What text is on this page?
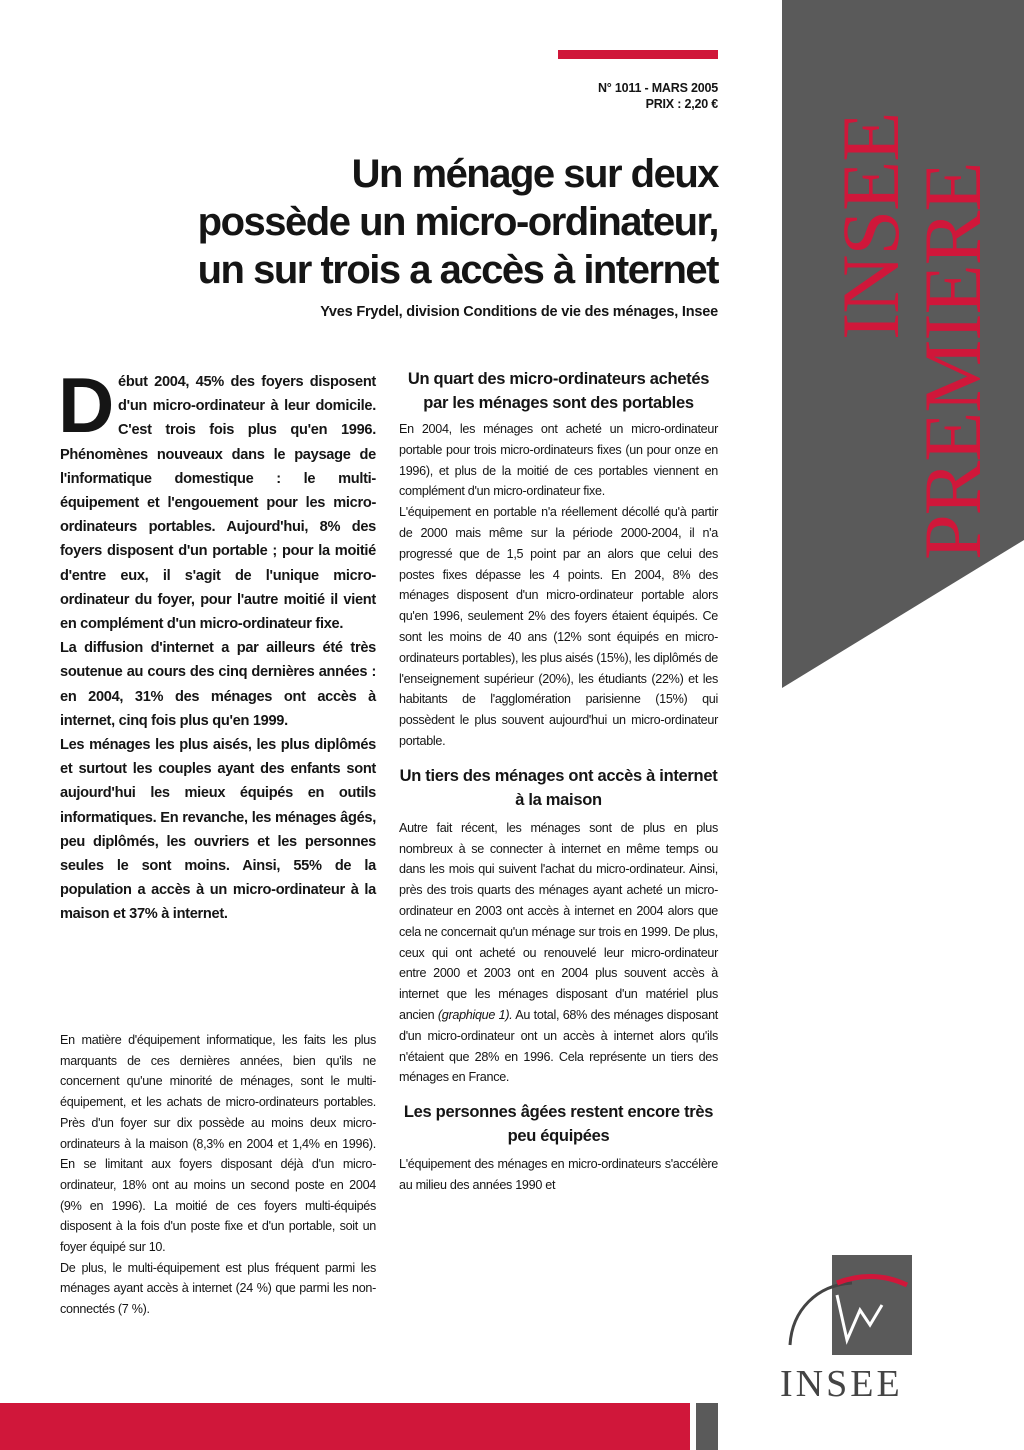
N° 1011 - MARS 2005
PRIX : 2,20 €
Un ménage sur deux
possède un micro-ordinateur,
un sur trois a accès à internet
Yves Frydel, division Conditions de vie des ménages, Insee INSEE
PREMIERE

Début 2004, 45% des foyers disposent d'un micro-ordinateur à leur domicile. C'est trois fois plus qu'en 1996. Phénomènes nouveaux dans le paysage de l'informatique domestique : le multi-équipement et l'engouement pour les micro-ordinateurs portables. Aujourd'hui, 8% des foyers disposent d'un portable ; pour la moitié d'entre eux, il s'agit de l'unique micro-ordinateur du foyer, pour l'autre moitié il vient en complément d'un micro-ordinateur fixe.

La diffusion d'internet a par ailleurs été très soutenue au cours des cinq dernières années : en 2004, 31% des ménages ont accès à internet, cinq fois plus qu'en 1999.

Les ménages les plus aisés, les plus diplômés et surtout les couples ayant des enfants sont aujourd'hui les mieux équipés en outils informatiques. En revanche, les ménages âgés, peu diplômés, les ouvriers et les personnes seules le sont moins. Ainsi, 55% de la population a accès à un micro-ordinateur à la maison et 37% à internet.

En matière d'équipement informatique, les faits les plus marquants de ces dernières années, bien qu'ils ne concernent qu'une minorité de ménages, sont le multi-équipement, et les achats de micro-ordinateurs portables. Près d'un foyer sur dix possède au moins deux micro-ordinateurs à la maison (8,3% en 2004 et 1,4% en 1996). En se limitant aux foyers disposant déjà d'un micro-ordinateur, 18% ont au moins un second poste en 2004 (9% en 1996). La moitié de ces foyers multi-équipés disposent à la fois d'un poste fixe et d'un portable, soit un foyer équipé sur 10.

De plus, le multi-équipement est plus fréquent parmi les ménages ayant accès à internet (24 %) que parmi les non-connectés (7 %).

Un quart des micro-ordinateurs achetés par les ménages sont des portables

En 2004, les ménages ont acheté un micro-ordinateur portable pour trois micro-ordinateurs fixes (un pour onze en 1996), et plus de la moitié de ces portables viennent en complément d'un micro-ordinateur fixe.

L'équipement en portable n'a réellement décollé qu'à partir de 2000 mais même sur la période 2000-2004, il n'a progressé que de 1,5 point par an alors que celui des postes fixes dépasse les 4 points. En 2004, 8% des ménages disposent d'un micro-ordinateur portable alors qu'en 1996, seulement 2% des foyers étaient équipés. Ce sont les moins de 40 ans (12% sont équipés en micro-ordinateurs portables), les plus aisés (15%), les diplômés de l'enseignement supérieur (20%), les étudiants (22%) et les habitants de l'agglomération parisienne (15%) qui possèdent le plus souvent aujourd'hui un micro-ordinateur portable.

Un tiers des ménages ont accès à internet à la maison

Autre fait récent, les ménages sont de plus en plus nombreux à se connecter à internet en même temps ou dans les mois qui suivent l'achat du micro-ordinateur. Ainsi, près des trois quarts des ménages ayant acheté un micro-ordinateur en 2003 ont accès à internet en 2004 alors que cela ne concernait qu'un ménage sur trois en 1999. De plus, ceux qui ont acheté ou renouvelé leur micro-ordinateur entre 2000 et 2003 ont en 2004 plus souvent accès à internet que les ménages disposant d'un matériel plus ancien (graphique 1). Au total, 68% des ménages disposant d'un micro-ordinateur ont un accès à internet alors qu'ils n'étaient que 28% en 1996. Cela représente un tiers des ménages en France.

Les personnes âgées restent encore très peu équipées

L'équipement des ménages en micro-ordinateurs s'accélère au milieu des années 1990 et

INSEE
